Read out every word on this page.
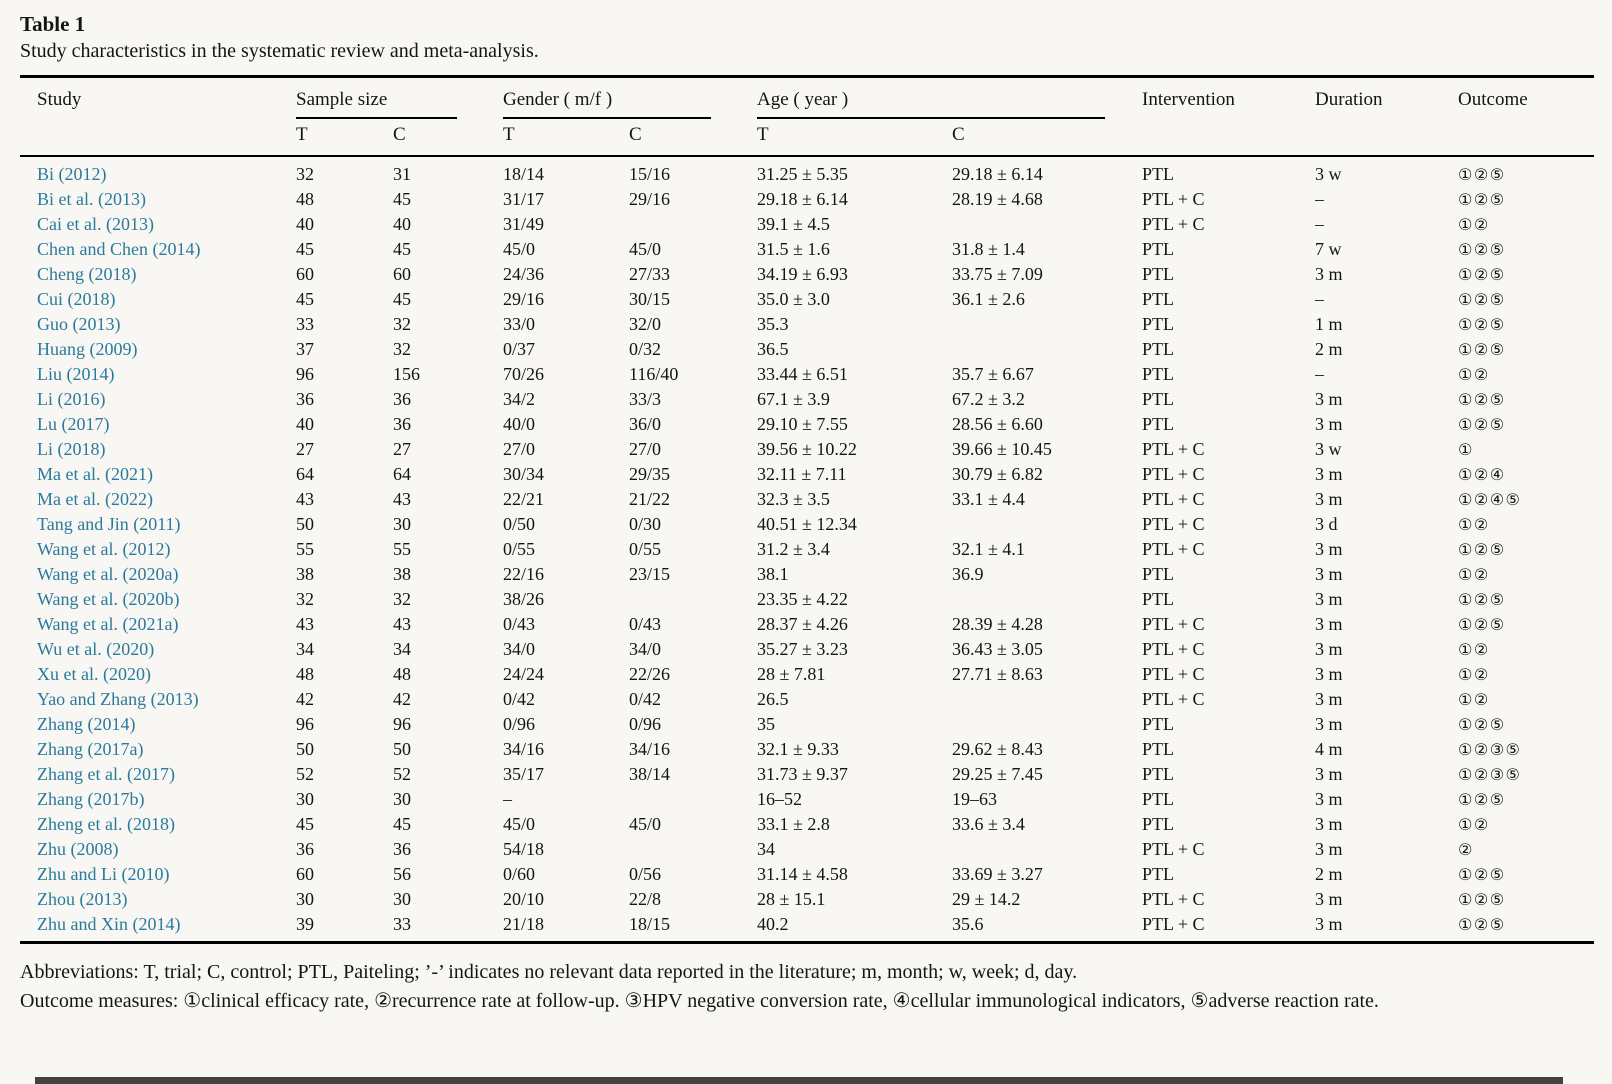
Table 1
Study characteristics in the systematic review and meta-analysis.
Study	Sample size		Gender ( m/f )		Age ( year )		Intervention	Duration	Outcome
	T	C	T	C	T	C			
Bi (2012)	32	31	18/14	15/16	31.25 ± 5.35	29.18 ± 6.14	PTL	3 w	①②⑤
Bi et al. (2013)	48	45	31/17	29/16	29.18 ± 6.14	28.19 ± 4.68	PTL + C	–	①②⑤
Cai et al. (2013)	40	40	31/49		39.1 ± 4.5		PTL + C	–	①②
Chen and Chen (2014)	45	45	45/0	45/0	31.5 ± 1.6	31.8 ± 1.4	PTL	7 w	①②⑤
Cheng (2018)	60	60	24/36	27/33	34.19 ± 6.93	33.75 ± 7.09	PTL	3 m	①②⑤
Cui (2018)	45	45	29/16	30/15	35.0 ± 3.0	36.1 ± 2.6	PTL	–	①②⑤
Guo (2013)	33	32	33/0	32/0	35.3		PTL	1 m	①②⑤
Huang (2009)	37	32	0/37	0/32	36.5		PTL	2 m	①②⑤
Liu (2014)	96	156	70/26	116/40	33.44 ± 6.51	35.7 ± 6.67	PTL	–	①②
Li (2016)	36	36	34/2	33/3	67.1 ± 3.9	67.2 ± 3.2	PTL	3 m	①②⑤
Lu (2017)	40	36	40/0	36/0	29.10 ± 7.55	28.56 ± 6.60	PTL	3 m	①②⑤
Li (2018)	27	27	27/0	27/0	39.56 ± 10.22	39.66 ± 10.45	PTL + C	3 w	①
Ma et al. (2021)	64	64	30/34	29/35	32.11 ± 7.11	30.79 ± 6.82	PTL + C	3 m	①②④
Ma et al. (2022)	43	43	22/21	21/22	32.3 ± 3.5	33.1 ± 4.4	PTL + C	3 m	①②④⑤
Tang and Jin (2011)	50	30	0/50	0/30	40.51 ± 12.34		PTL + C	3 d	①②
Wang et al. (2012)	55	55	0/55	0/55	31.2 ± 3.4	32.1 ± 4.1	PTL + C	3 m	①②⑤
Wang et al. (2020a)	38	38	22/16	23/15	38.1	36.9	PTL	3 m	①②
Wang et al. (2020b)	32	32	38/26		23.35 ± 4.22		PTL	3 m	①②⑤
Wang et al. (2021a)	43	43	0/43	0/43	28.37 ± 4.26	28.39 ± 4.28	PTL + C	3 m	①②⑤
Wu et al. (2020)	34	34	34/0	34/0	35.27 ± 3.23	36.43 ± 3.05	PTL + C	3 m	①②
Xu et al. (2020)	48	48	24/24	22/26	28 ± 7.81	27.71 ± 8.63	PTL + C	3 m	①②
Yao and Zhang (2013)	42	42	0/42	0/42	26.5		PTL + C	3 m	①②
Zhang (2014)	96	96	0/96	0/96	35		PTL	3 m	①②⑤
Zhang (2017a)	50	50	34/16	34/16	32.1 ± 9.33	29.62 ± 8.43	PTL	4 m	①②③⑤
Zhang et al. (2017)	52	52	35/17	38/14	31.73 ± 9.37	29.25 ± 7.45	PTL	3 m	①②③⑤
Zhang (2017b)	30	30	–		16–52	19–63	PTL	3 m	①②⑤
Zheng et al. (2018)	45	45	45/0	45/0	33.1 ± 2.8	33.6 ± 3.4	PTL	3 m	①②
Zhu (2008)	36	36	54/18		34		PTL + C	3 m	②
Zhu and Li (2010)	60	56	0/60	0/56	31.14 ± 4.58	33.69 ± 3.27	PTL	2 m	①②⑤
Zhou (2013)	30	30	20/10	22/8	28 ± 15.1	29 ± 14.2	PTL + C	3 m	①②⑤
Zhu and Xin (2014)	39	33	21/18	18/15	40.2	35.6	PTL + C	3 m	①②⑤

Abbreviations: T, trial; C, control; PTL, Paiteling; ’-’ indicates no relevant data reported in the literature; m, month; w, week; d, day.

Outcome measures: ①clinical efficacy rate, ②recurrence rate at follow-up. ③HPV negative conversion rate, ④cellular immunological indicators, ⑤adverse reaction rate.
